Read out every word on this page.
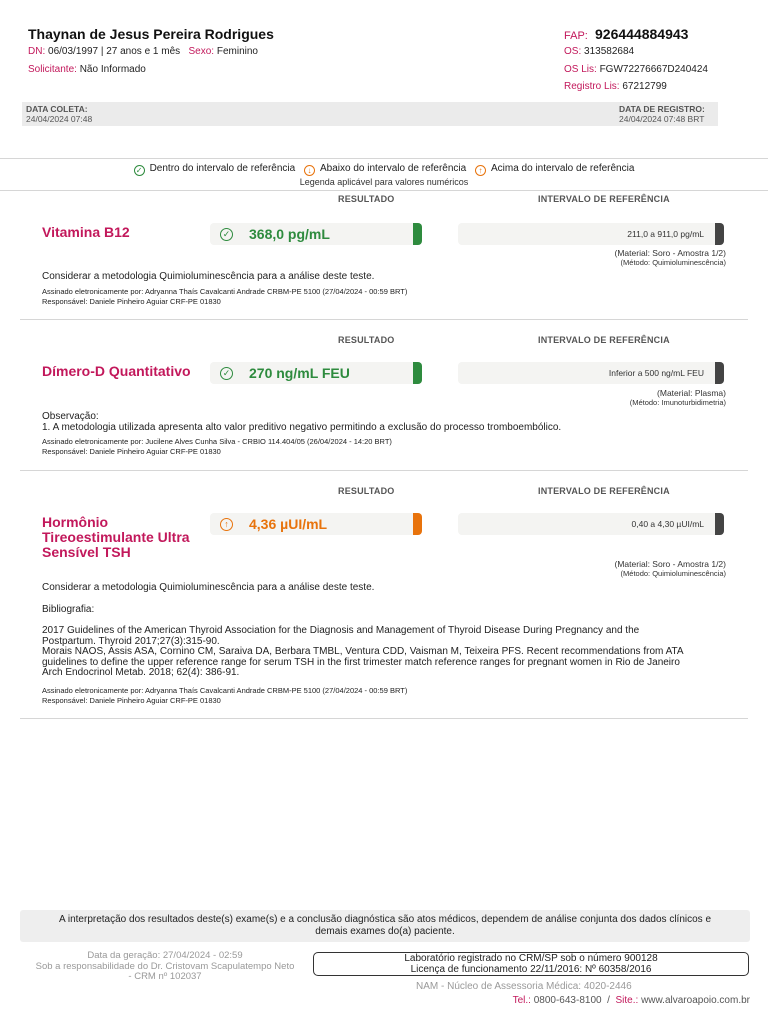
Thaynan de Jesus Pereira Rodrigues
DN: 06/03/1997 | 27 anos e 1 mês Sexo: Feminino
Solicitante: Não Informado
FAP: 926444884943
OS: 313582684
OS Lis: FGW72276667D240424
Registro Lis: 67212799
DATA COLETA:
24/04/2024 07:48
DATA DE REGISTRO:
24/04/2024 07:48 BRT
✓ Dentro do intervalo de referência ↓ Abaixo do intervalo de referência ↑ Acima do intervalo de referência
Legenda aplicável para valores numéricos
RESULTADO	INTERVALO DE REFERÊNCIA
Vitamina B12	✓ 368,0 pg/mL	211,0 a 911,0 pg/mL
(Material: Soro - Amostra 1/2)
(Método: Quimioluminescência)
Considerar a metodologia Quimioluminescência para a análise deste teste.
Assinado eletronicamente por: Adryanna Thaís Cavalcanti Andrade CRBM-PE 5100 (27/04/2024 - 00:59 BRT)
Responsável: Daniele Pinheiro Aguiar CRF-PE 01830
RESULTADO	INTERVALO DE REFERÊNCIA
Dímero-D Quantitativo	✓ 270 ng/mL FEU	Inferior a 500 ng/mL FEU
(Material: Plasma)
(Método: Imunoturbidimetria)
Observação:
1. A metodologia utilizada apresenta alto valor preditivo negativo permitindo a exclusão do processo tromboembólico.
Assinado eletronicamente por: Jucilene Alves Cunha Silva - CRBIO 114.404/05 (26/04/2024 - 14:20 BRT)
Responsável: Daniele Pinheiro Aguiar CRF-PE 01830
RESULTADO	INTERVALO DE REFERÊNCIA
Hormônio
Tireoestimulante Ultra
Sensível TSH
↑	4,36 µUI/mL	0,40 a 4,30 µUI/mL
(Material: Soro - Amostra 1/2)
(Método: Quimioluminescência)
Considerar a metodologia Quimioluminescência para a análise deste teste.
Bibliografia:
2017 Guidelines of the American Thyroid Association for the Diagnosis and Management of Thyroid Disease During Pregnancy and the
Postpartum. Thyroid 2017;27(3):315-90.
Morais NAOS, Assis ASA, Cornino CM, Saraiva DA, Berbara TMBL, Ventura CDD, Vaisman M, Teixeira PFS. Recent recommendations from ATA
guidelines to define the upper reference range for serum TSH in the first trimester match reference ranges for pregnant women in Rio de Janeiro
Arch Endocrinol Metab. 2018; 62(4): 386-91.
Assinado eletronicamente por: Adryanna Thaís Cavalcanti Andrade CRBM-PE 5100 (27/04/2024 - 00:59 BRT)
Responsável: Daniele Pinheiro Aguiar CRF-PE 01830
A interpretação dos resultados deste(s) exame(s) e a conclusão diagnóstica são atos médicos, dependem de análise conjunta dos dados clínicos e
demais exames do(a) paciente.
Data da geração: 27/04/2024 - 02:59
Sob a responsabilidade do Dr. Cristovam Scapulatempo Neto
- CRM nº 102037
Laboratório registrado no CRM/SP sob o número 900128
Licença de funcionamento 22/11/2016: Nº 60358/2016
NAM - Núcleo de Assessoria Médica: 4020-2446
Tel.: 0800-643-8100  /  Site.: www.alvaroapoio.com.br
